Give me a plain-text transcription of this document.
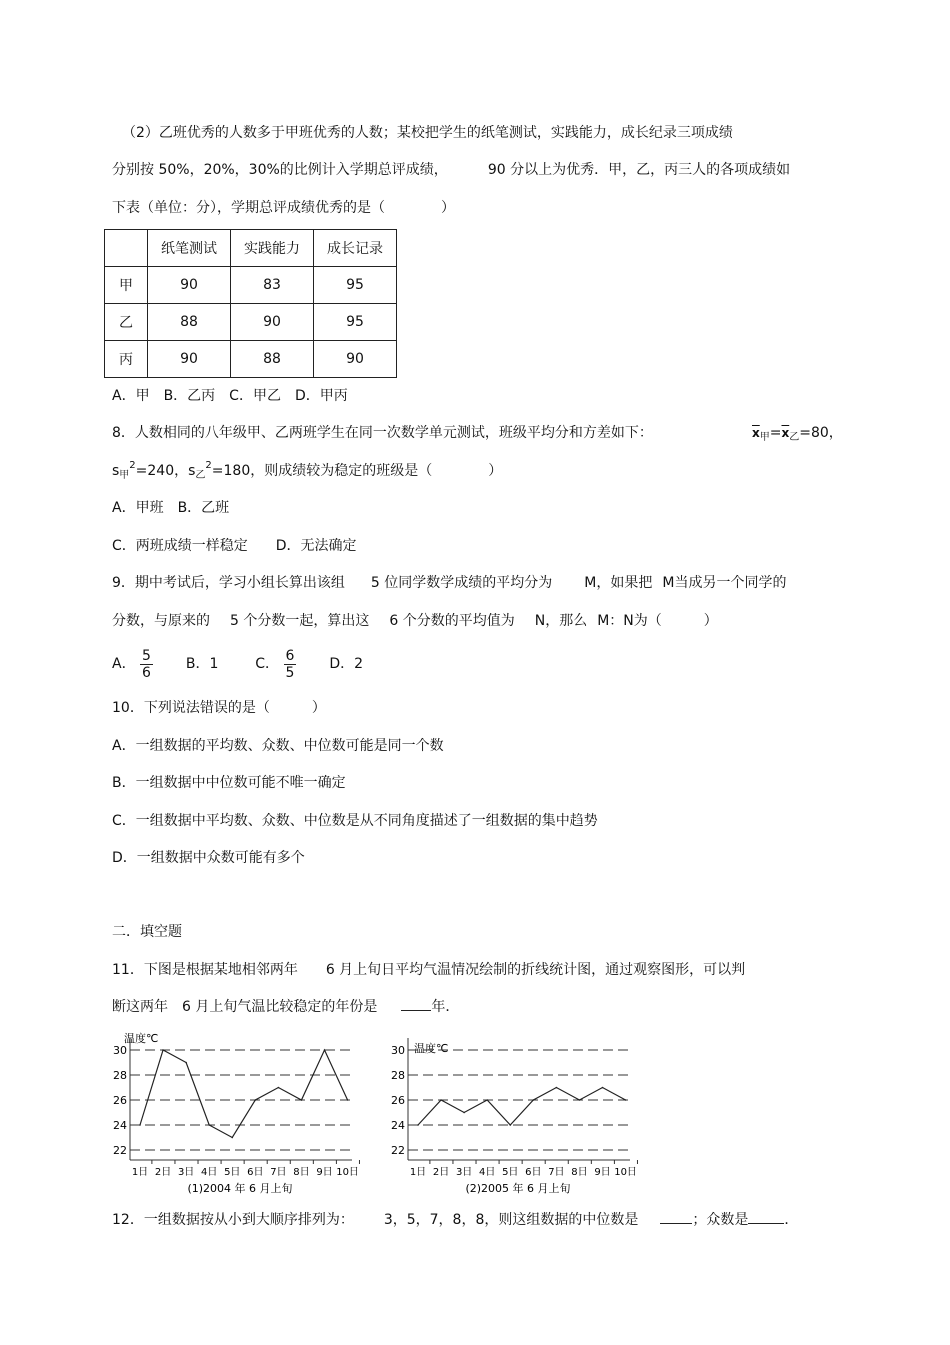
（2）乙班优秀的人数多于甲班优秀的人数；某校把学生的纸笔测试，实践能力，成长纪录三项成绩
分别按 50%，20%，30%的比例计入学期总评成绩，	90 分以上为优秀．甲，乙，丙三人的各项成绩如
下表（单位：分），学期总评成绩优秀的是（　　　　）
	纸笔测试	实践能力	成长记录
甲	90	83	95
乙	88	90	95
丙	90	88	90
A．甲　B．乙丙　C．甲乙　D．甲丙
8．人数相同的八年级甲、乙两班学生在同一次数学单元测试，班级平均分和方差如下：	$\overline{x}_甲=\overline{x}_乙=80$，
$s_甲^2=240$，$s_乙^2=180$，则成绩较为稳定的班级是（　　　　）
A．甲班　B．乙班
C．两班成绩一样稳定　　D．无法确定
9．期中考试后，学习小组长算出该组 5 位同学数学成绩的平均分为 M，如果把 M当成另一个同学的
分数，与原来的 5 个分数一起，算出这 6 个分数的平均值为 N，那么 M：N为（　　　）
A． $\frac{5}{6}$ B．1	C． $\frac{6}{5}$ D．2
10．下列说法错误的是（　　　）
A．一组数据的平均数、众数、中位数可能是同一个数
B．一组数据中中位数可能不唯一确定
C．一组数据中平均数、众数、中位数是从不同角度描述了一组数据的集中趋势
D．一组数据中众数可能有多个
二．填空题
11．下图是根据某地相邻两年 6 月上旬日平均气温情况绘制的折线统计图，通过观察图形，可以判
断这两年　6 月上旬气温比较稳定的年份是	年．
温度℃
30
28
26
24
22
1日 2日 3日 4日 5日 6日 7日 8日 9日 10日
(1)2004 年 6 月上旬
温度℃
30
28
26
24
22
1日 2日 3日 4日 5日 6日 7日 8日 9日 10日
(2)2005 年 6 月上旬
12．一组数据按从小到大顺序排列为： 3，5，7，8，8，则这组数据的中位数是	；众数是	．
